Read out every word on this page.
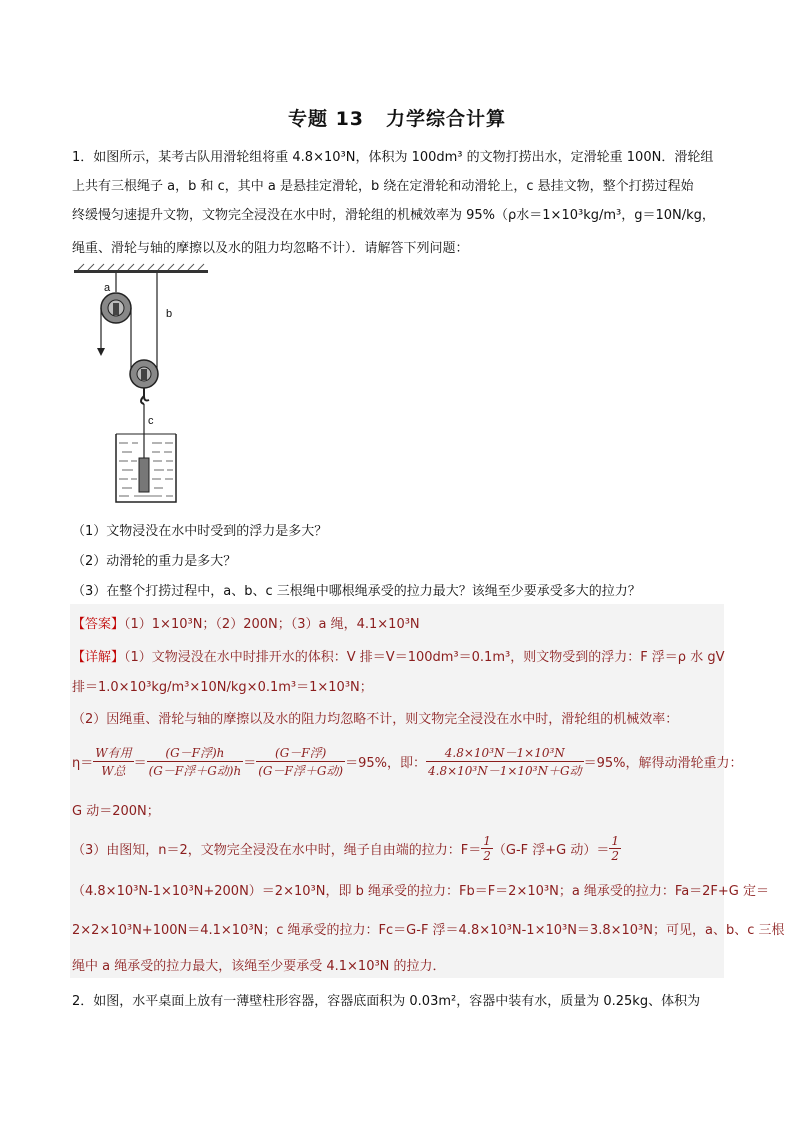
专题 13 力学综合计算
1．如图所示，某考古队用滑轮组将重 4.8×10³N，体积为 100dm³ 的文物打捞出水，定滑轮重 100N．滑轮组
上共有三根绳子 a，b 和 c，其中 a 是悬挂定滑轮，b 绕在定滑轮和动滑轮上，c 悬挂文物，整个打捞过程始
终缓慢匀速提升文物，文物完全浸没在水中时，滑轮组的机械效率为 95%（ρ水＝1×10³kg/m³，g＝10N/kg，
绳重、滑轮与轴的摩擦以及水的阻力均忽略不计）．请解答下列问题：
a
b
c
（1）文物浸没在水中时受到的浮力是多大？
（2）动滑轮的重力是多大？
（3）在整个打捞过程中，a、b、c 三根绳中哪根绳承受的拉力最大？该绳至少要承受多大的拉力？
【答案】（1）1×10³N；（2）200N；（3）a 绳，4.1×10³N
【详解】（1）文物浸没在水中时排开水的体积：V 排＝V＝100dm³＝0.1m³，则文物受到的浮力：F 浮＝ρ 水 gV
排＝1.0×10³kg/m³×10N/kg×0.1m³＝1×10³N；
（2）因绳重、滑轮与轴的摩擦以及水的阻力均忽略不计，则文物完全浸没在水中时，滑轮组的机械效率：
$\eta= \frac{\text{W有用}}{\text{W总}} = \frac{\text{(G－F浮)h}}{\text{(G－F浮＋G动)h}} = \frac{\text{(G－F浮)}}{\text{(G－F浮＋G动)}} =95\%$，即： $\frac{\text{4.8×10³N－1×10³N}}{\text{4.8×10³N－1×10³N＋G动}} =95\%$，解得动滑轮重力：
G 动＝200N；
（3）由图知，n＝2，文物完全浸没在水中时，绳子自由端的拉力：$F= \frac{1}{2} (G-F$ 浮+G 动）＝ $\frac{1}{2}$
（4.8×10³N-1×10³N+200N）＝2×10³N，即 b 绳承受的拉力：Fb＝F＝2×10³N；a 绳承受的拉力：Fa＝2F+G 定＝
2×2×10³N+100N＝4.1×10³N；c 绳承受的拉力：Fc＝G-F 浮＝4.8×10³N-1×10³N＝3.8×10³N；可见，a、b、c 三根
绳中 a 绳承受的拉力最大，该绳至少要承受 4.1×10³N 的拉力．
2．如图，水平桌面上放有一薄壁柱形容器，容器底面积为 0.03m²，容器中装有水，质量为 0.25kg、体积为
